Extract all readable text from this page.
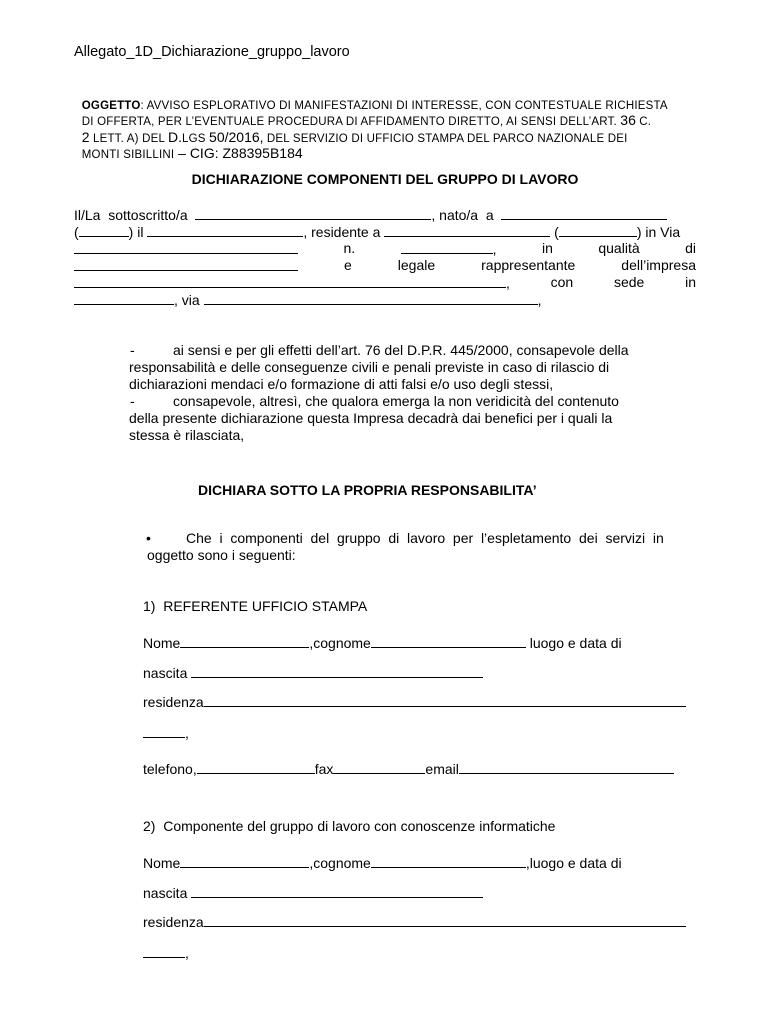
Allegato_1D_Dichiarazione_gruppo_lavoro

OGGETTO: AVVISO ESPLORATIVO DI MANIFESTAZIONI DI INTERESSE, CON CONTESTUALE RICHIESTA

DI OFFERTA, PER L’EVENTUALE PROCEDURA DI AFFIDAMENTO DIRETTO, AI SENSI DELL’ART. 36 C.

2 LETT. A) DEL D.LGS 50/2016, DEL SERVIZIO DI UFFICIO STAMPA DEL PARCO NAZIONALE DEI

MONTI SIBILLINI – CIG: Z88395B184

DICHIARAZIONE COMPONENTI DEL GRUPPO DI LAVORO
Il/La  sottoscritto/a	, nato/a  a
(	) il	, residente a	(	) in Via
n.	,	in	qualità	di
e	legale	rappresentante	dell’impresa
,	con	sede	in
, via	,
-	ai sensi e per gli effetti dell’art. 76 del D.P.R. 445/2000, consapevole della
responsabilità e delle conseguenze civili e penali previste in caso di rilascio di
dichiarazioni mendaci e/o formazione di atti falsi e/o uso degli stessi,
-	consapevole, altresì, che qualora emerga la non veridicità del contenuto
della presente dichiarazione questa Impresa decadrà dai benefici per i quali la
stessa è rilasciata,
DICHIARA SOTTO LA PROPRIA RESPONSABILITA’
•	Che  i  componenti  del  gruppo  di  lavoro  per  l’espletamento  dei  servizi  in
oggetto sono i seguenti:
1)  REFERENTE UFFICIO STAMPA
Nome	,cognome	luogo e data di
nascita
residenza
,
telefono,	fax	email
2)  Componente del gruppo di lavoro con conoscenze informatiche
Nome	,cognome	,luogo e data di
nascita
residenza
,
